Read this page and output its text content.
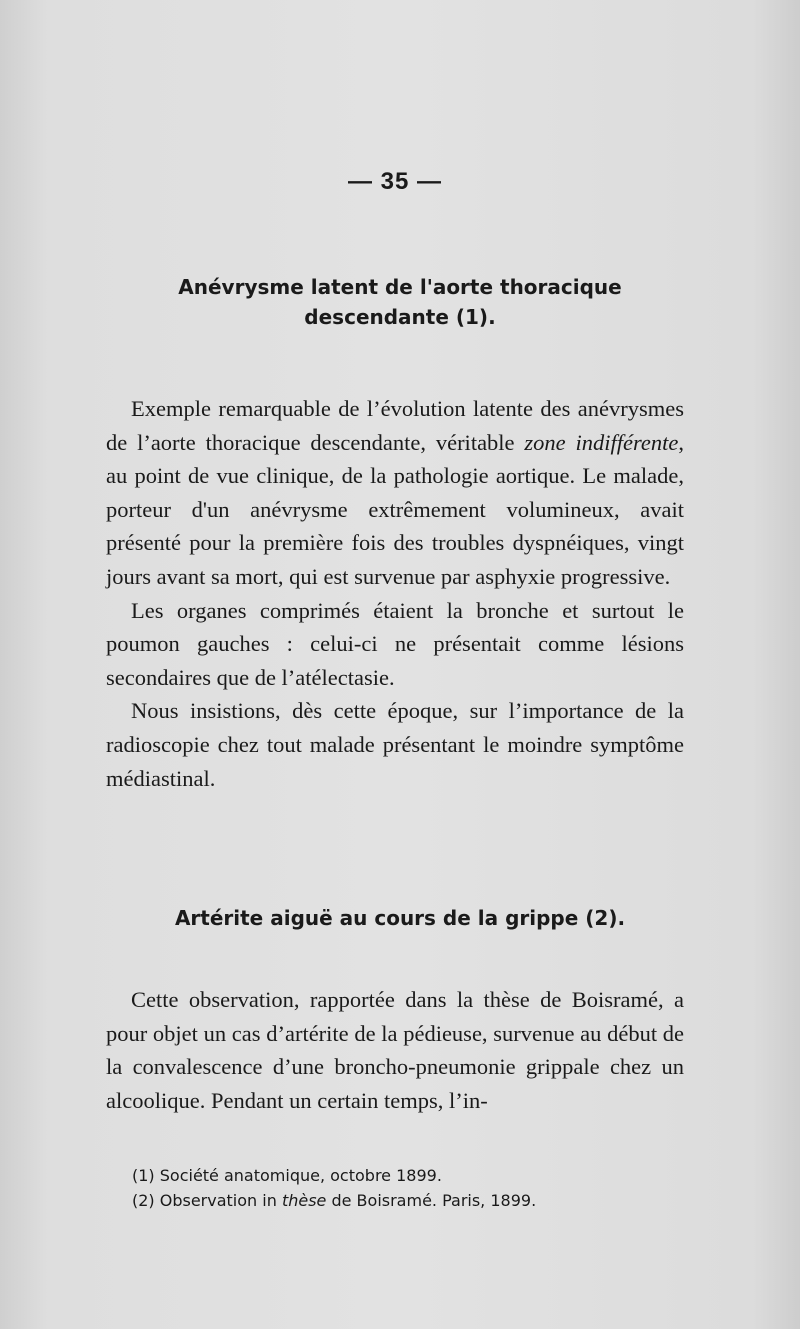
— 35 —
Anévrysme latent de l'aorte thoracique
descendante (1).

Exemple remarquable de l’évolution latente des anévrysmes de l’aorte thoracique descendante, véritable zone indifférente, au point de vue clinique, de la pathologie aortique. Le malade, porteur d'un anévrysme extrêmement volumineux, avait présenté pour la première fois des troubles dyspnéiques, vingt jours avant sa mort, qui est survenue par asphyxie progressive.

Les organes comprimés étaient la bronche et surtout le poumon gauches : celui-ci ne présentait comme lésions secondaires que de l’atélectasie.

Nous insistions, dès cette époque, sur l’importance de la radioscopie chez tout malade présentant le moindre symptôme médiastinal.

Artérite aiguë au cours de la grippe (2).

Cette observation, rapportée dans la thèse de Boisramé, a pour objet un cas d’artérite de la pédieuse, survenue au début de la convalescence d’une broncho-pneumonie grippale chez un alcoolique. Pendant un certain temps, l’in-

(1) Société anatomique, octobre 1899.

(2) Observation in thèse de Boisramé. Paris, 1899.
